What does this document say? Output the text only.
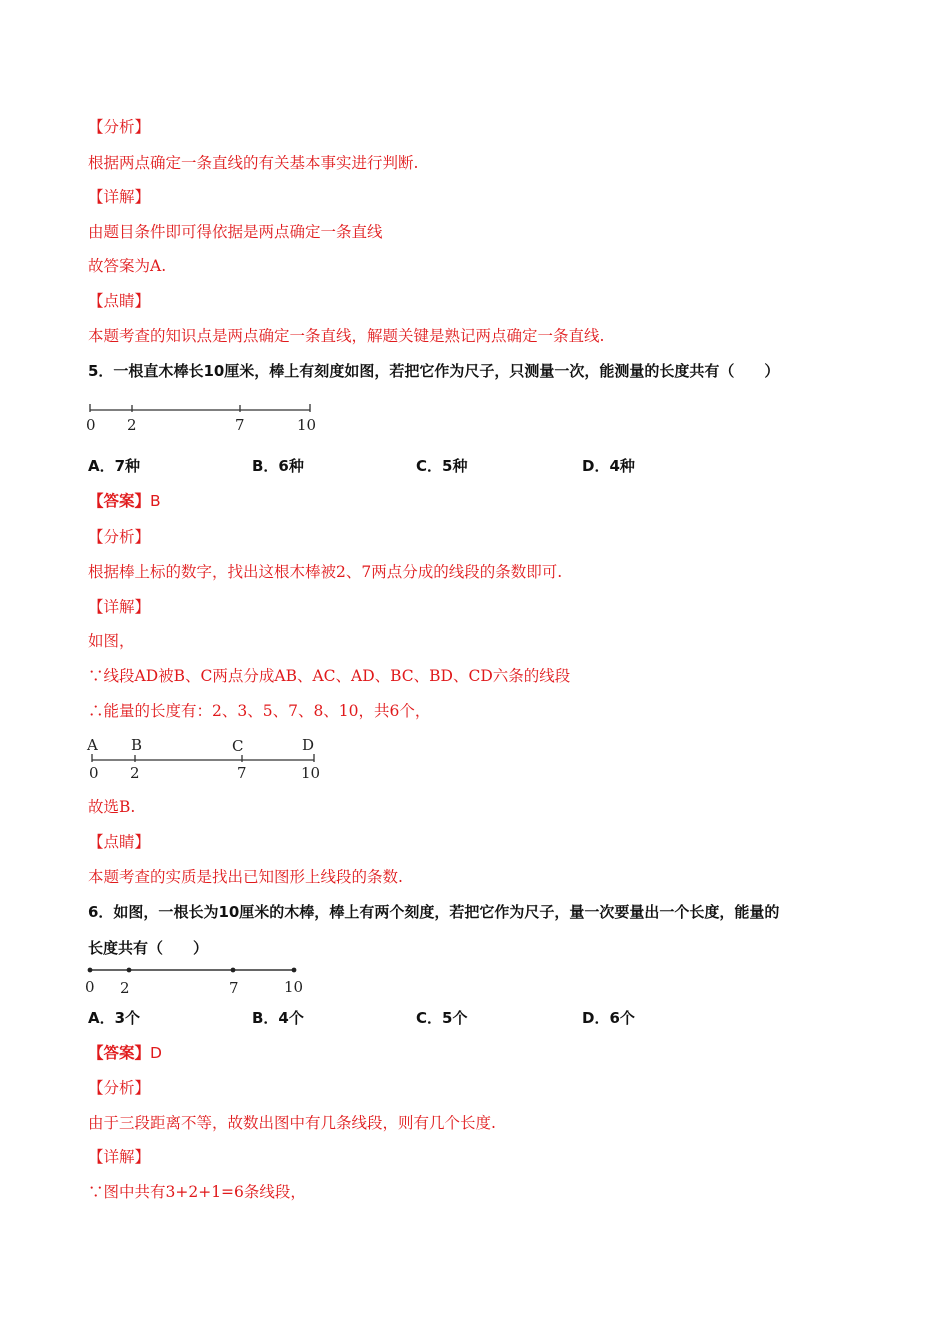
【分析】
根据两点确定一条直线的有关基本事实进行判断.
【详解】
由题目条件即可得依据是两点确定一条直线
故答案为A.
【点睛】
本题考查的知识点是两点确定一条直线，解题关键是熟记两点确定一条直线.
5．一根直木棒长10厘米，棒上有刻度如图，若把它作为尺子，只测量一次，能测量的长度共有（　　）
0 2	7	10
A．7种	B．6种	C．5种	D．4种
【答案】B
【分析】
根据棒上标的数字，找出这根木棒被2、7两点分成的线段的条数即可.
【详解】
如图，
∵线段AD被B、C两点分成AB、AC、AD、BC、BD、CD六条的线段
∴能量的长度有：2、3、5、7、8、10，共6个，
A B	C	D
0 2	7	10
故选B.
【点睛】
本题考查的实质是找出已知图形上线段的条数.
6．如图，一根长为10厘米的木棒，棒上有两个刻度，若把它作为尺子，量一次要量出一个长度，能量的
长度共有（　　）
0 2	7	10
A．3个	B．4个	C．5个	D．6个
【答案】D
【分析】
由于三段距离不等，故数出图中有几条线段，则有几个长度.
【详解】
∵图中共有3+2+1=6条线段，
